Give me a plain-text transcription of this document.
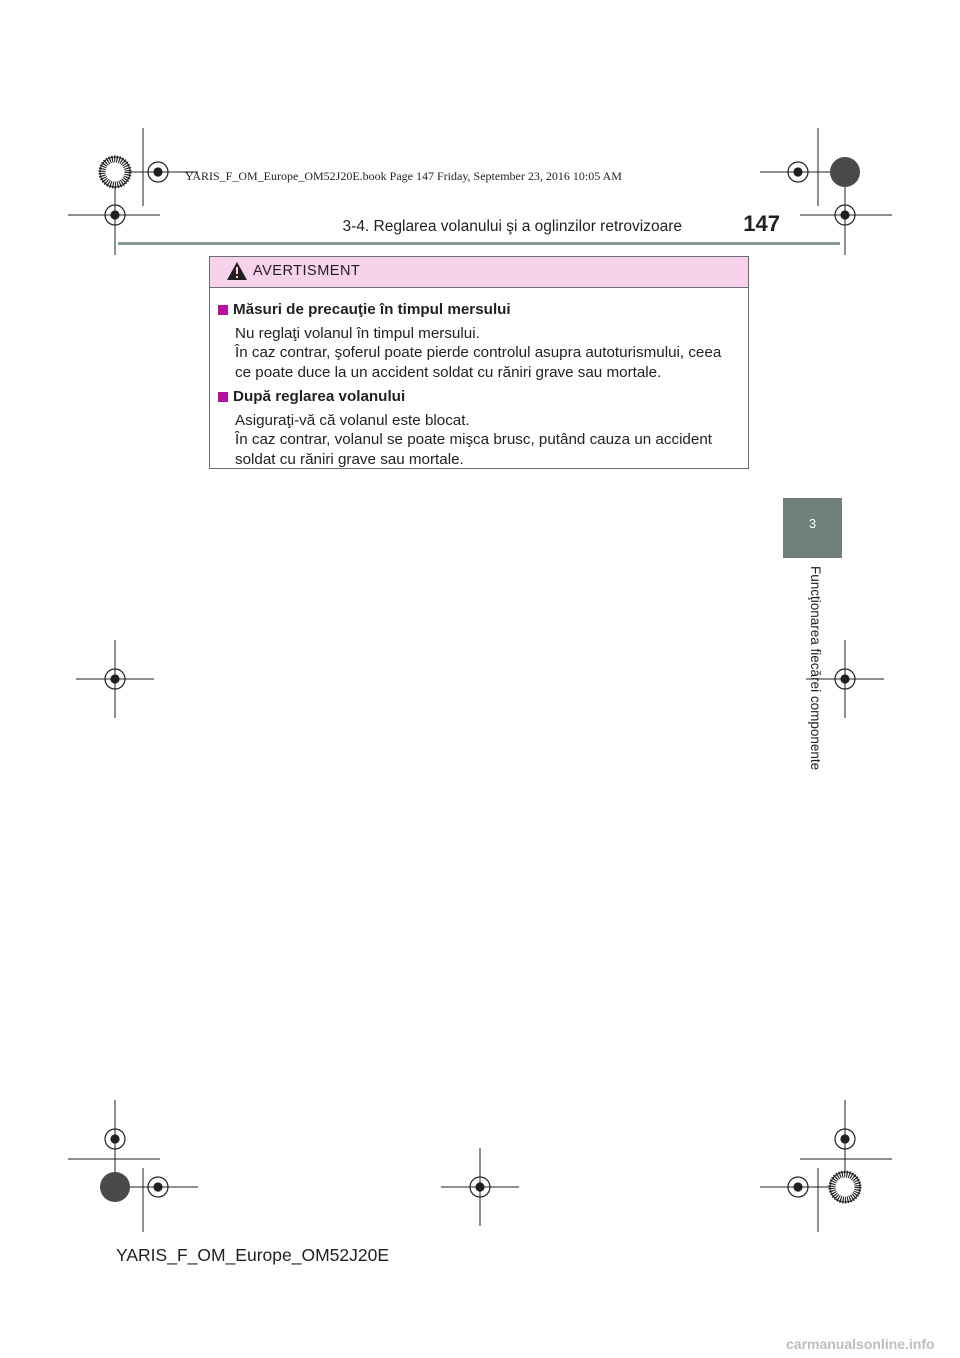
YARIS_F_OM_Europe_OM52J20E.book Page 147 Friday, September 23, 2016 10:05 AM
3-4. Reglarea volanului şi a oglinzilor retrovizoare	147
3
Funcţionarea fiecărei componente
AVERTISMENT
Măsuri de precauţie în timpul mersului

Nu reglaţi volanul în timpul mersului.

În caz contrar, şoferul poate pierde controlul asupra autoturismului, ceea ce poate duce la un accident soldat cu răniri grave sau mortale.

După reglarea volanului

Asiguraţi-vă că volanul este blocat.

În caz contrar, volanul se poate mişca brusc, putând cauza un accident soldat cu răniri grave sau mortale.

YARIS_F_OM_Europe_OM52J20E
carmanualsonline.info
